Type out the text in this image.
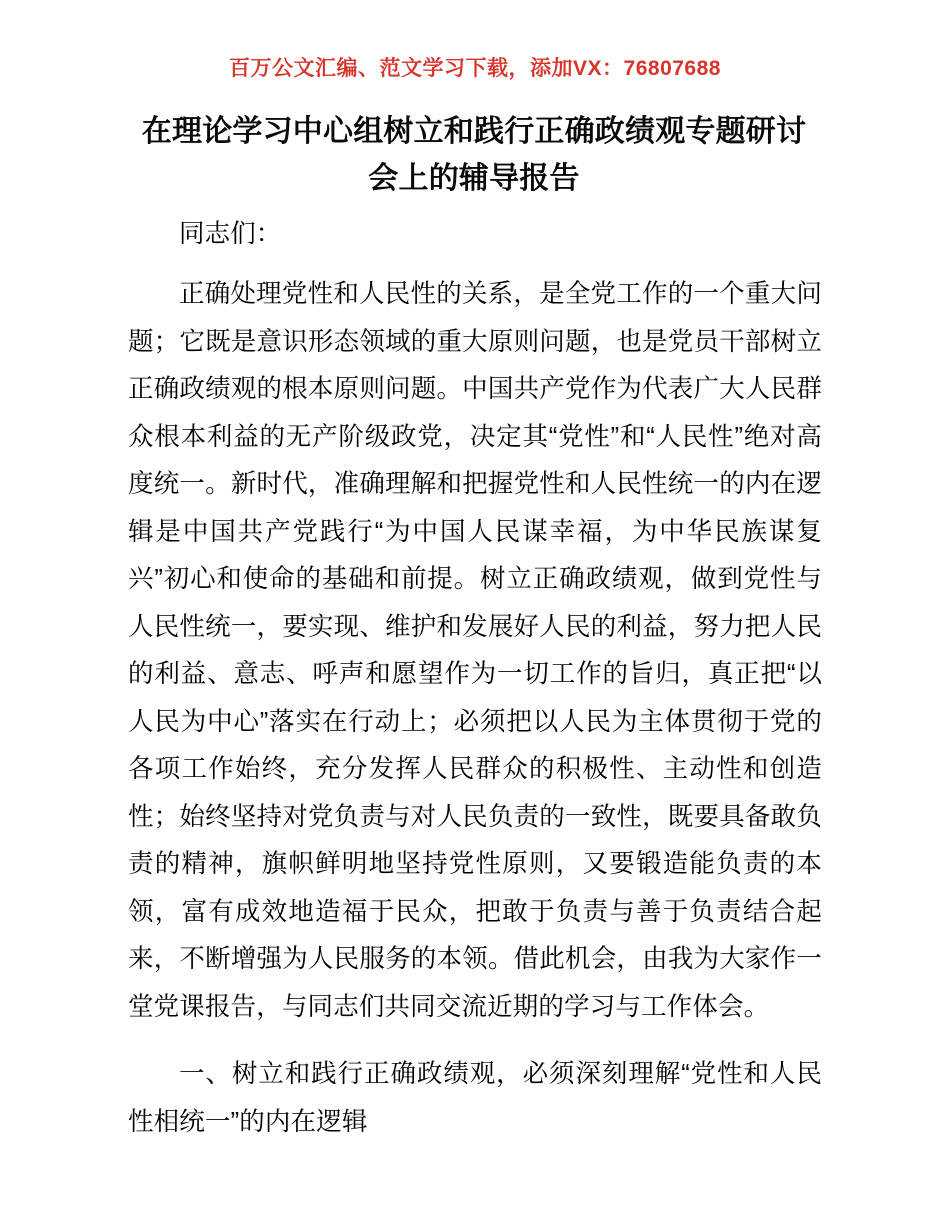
百万公文汇编、范文学习下载，添加VX：76807688
在理论学习中心组树立和践行正确政绩观专题研讨会上的辅导报告

同志们：

正确处理党性和人民性的关系，是全党工作的一个重大问题；它既是意识形态领域的重大原则问题，也是党员干部树立正确政绩观的根本原则问题。中国共产党作为代表广大人民群众根本利益的无产阶级政党，决定其“党性”和“人民性”绝对高度统一。新时代，准确理解和把握党性和人民性统一的内在逻辑是中国共产党践行“为中国人民谋幸福，为中华民族谋复兴”初心和使命的基础和前提。树立正确政绩观，做到党性与人民性统一，要实现、维护和发展好人民的利益，努力把人民的利益、意志、呼声和愿望作为一切工作的旨归，真正把“以人民为中心”落实在行动上；必须把以人民为主体贯彻于党的各项工作始终，充分发挥人民群众的积极性、主动性和创造性；始终坚持对党负责与对人民负责的一致性，既要具备敢负责的精神，旗帜鲜明地坚持党性原则，又要锻造能负责的本领，富有成效地造福于民众，把敢于负责与善于负责结合起来，不断增强为人民服务的本领。借此机会，由我为大家作一堂党课报告，与同志们共同交流近期的学习与工作体会。

一、树立和践行正确政绩观，必须深刻理解“党性和人民性相统一”的内在逻辑
